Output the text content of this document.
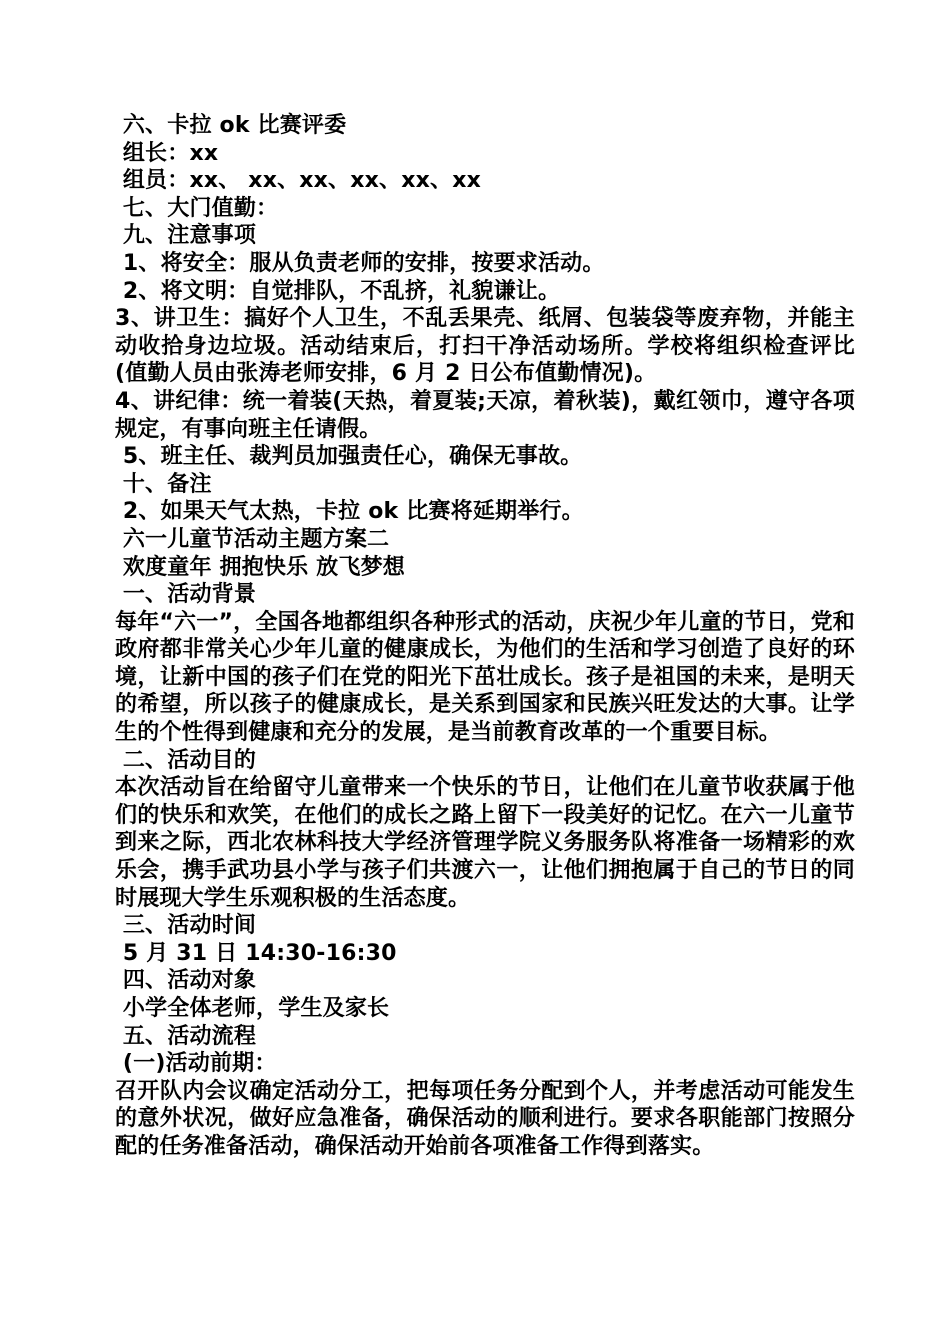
六、卡拉 ok 比赛评委
组长：xx
组员：xx、 xx、xx、xx、xx、xx
七、大门值勤：
九、注意事项
1、将安全：服从负责老师的安排，按要求活动。
2、将文明：自觉排队，不乱挤，礼貌谦让。
3、讲卫生：搞好个人卫生，不乱丢果壳、纸屑、包装袋等废弃物，并能主动收拾身边垃圾。活动结束后，打扫干净活动场所。学校将组织检查评比(值勤人员由张涛老师安排，6 月 2 日公布值勤情况)。
4、讲纪律：统一着装(天热，着夏装;天凉，着秋装)，戴红领巾，遵守各项规定，有事向班主任请假。
5、班主任、裁判员加强责任心，确保无事故。
十、备注
2、如果天气太热，卡拉 ok 比赛将延期举行。
六一儿童节活动主题方案二
欢度童年 拥抱快乐 放飞梦想
一、活动背景
每年“六一”，全国各地都组织各种形式的活动，庆祝少年儿童的节日，党和政府都非常关心少年儿童的健康成长，为他们的生活和学习创造了良好的环境，让新中国的孩子们在党的阳光下茁壮成长。孩子是祖国的未来，是明天的希望，所以孩子的健康成长，是关系到国家和民族兴旺发达的大事。让学生的个性得到健康和充分的发展，是当前教育改革的一个重要目标。
二、活动目的
本次活动旨在给留守儿童带来一个快乐的节日，让他们在儿童节收获属于他们的快乐和欢笑，在他们的成长之路上留下一段美好的记忆。在六一儿童节到来之际，西北农林科技大学经济管理学院义务服务队将准备一场精彩的欢乐会，携手武功县小学与孩子们共渡六一，让他们拥抱属于自己的节日的同时展现大学生乐观积极的生活态度。
三、活动时间
5 月 31 日 14:30-16:30
四、活动对象
小学全体老师，学生及家长
五、活动流程
(一)活动前期：
召开队内会议确定活动分工，把每项任务分配到个人，并考虑活动可能发生的意外状况，做好应急准备，确保活动的顺利进行。要求各职能部门按照分配的任务准备活动，确保活动开始前各项准备工作得到落实。
